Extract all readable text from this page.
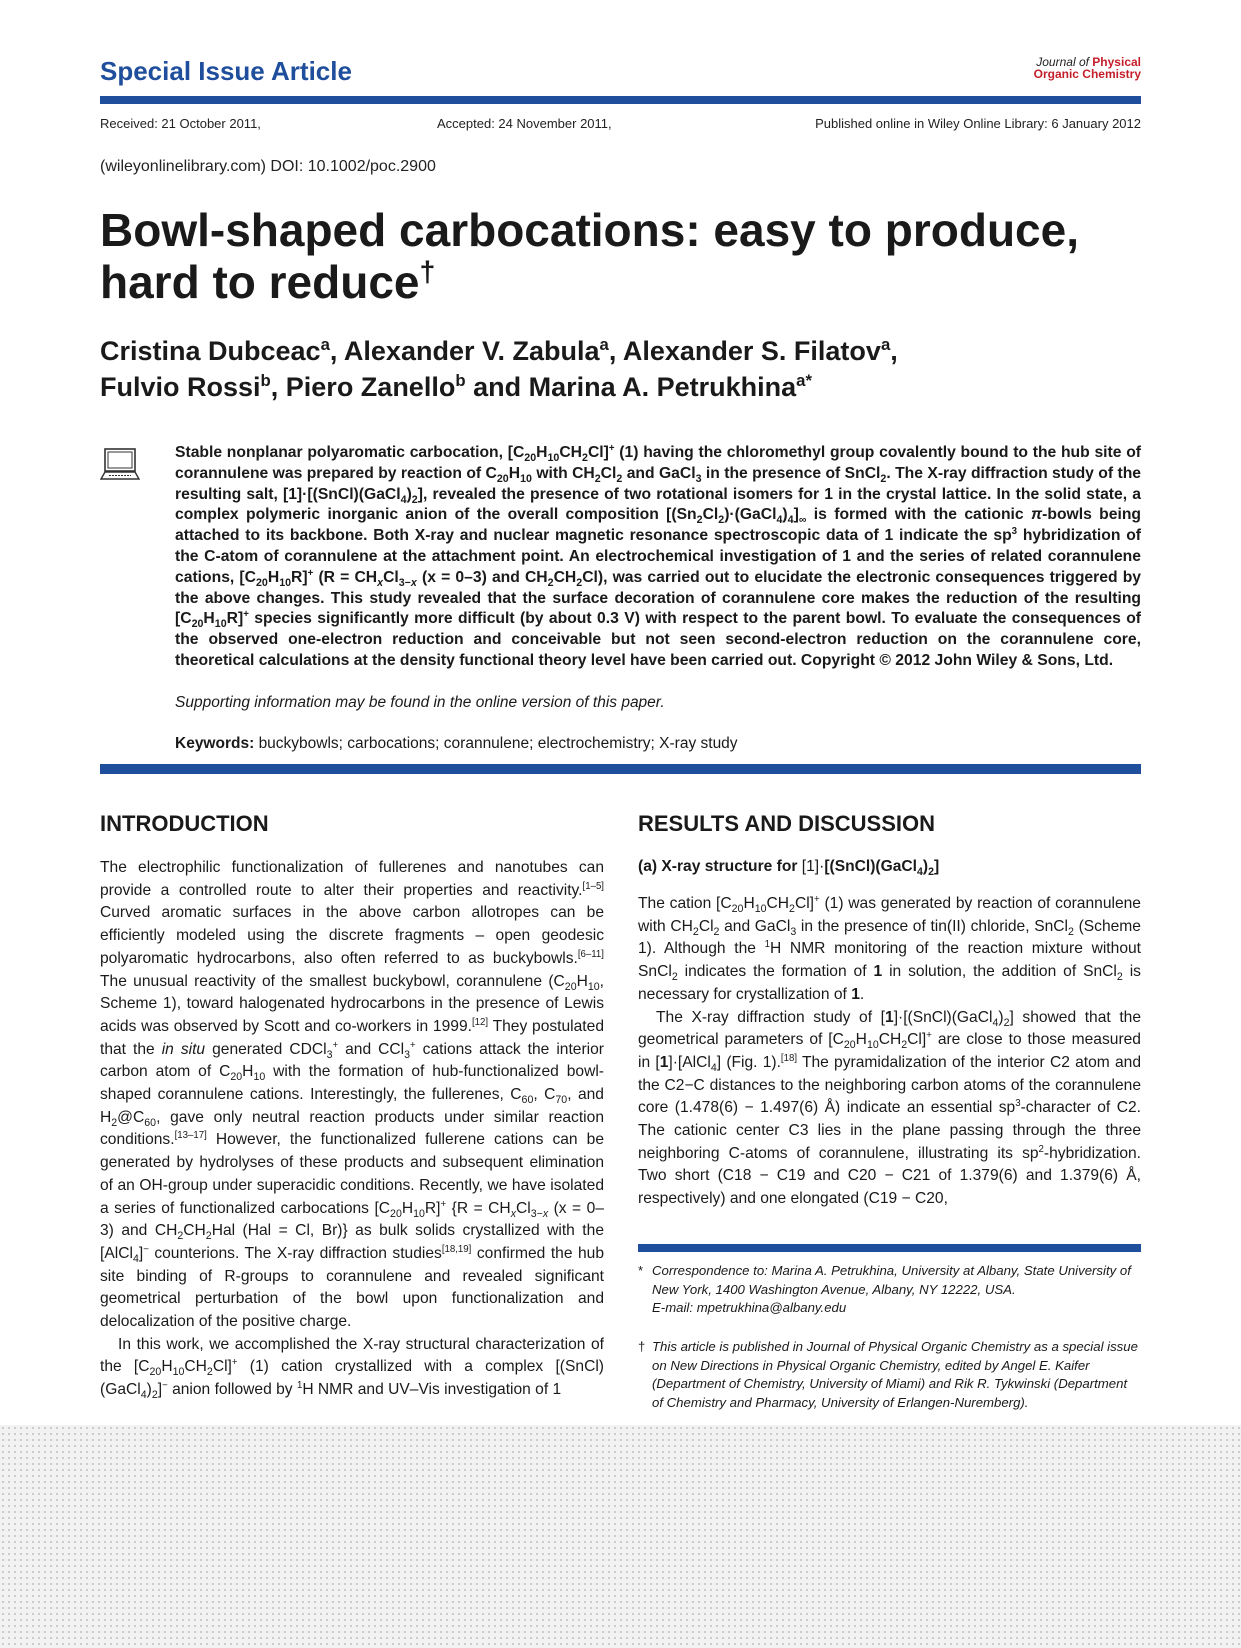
Special Issue Article	Journal of Physical
Organic Chemistry
Received: 21 October 2011,	Accepted: 24 November 2011,	Published online in Wiley Online Library: 6 January 2012
(wileyonlinelibrary.com) DOI: 10.1002/poc.2900
Bowl-shaped carbocations: easy to produce,
hard to reduce†
Cristina Dubceac$^a$, Alexander V. Zabula$^a$, Alexander S. Filatov$^a$,
Fulvio Rossi$^b$, Piero Zanello$^b$ and Marina A. Petrukhina$^{a*}$
Stable nonplanar polyaromatic carbocation, $[C_{20}H_{10}CH_2Cl]^+$ (1) having the chloromethyl group covalently bound to the hub site of corannulene was prepared by reaction of $C_{20}H_{10}$ with $CH_2Cl_2$ and GaCl$_3$ in the presence of SnCl$_2$. The X-ray diffraction study of the resulting salt, $[1]\cdot[(SnCl)(GaCl_4)_2]$, revealed the presence of two rotational isomers for 1 in the crystal lattice. In the solid state, a complex polymeric inorganic anion of the overall composition $[(Sn_2Cl_2)\cdot(GaCl_4)_4]_\infty$ is formed with the cationic π-bowls being attached to its backbone. Both X-ray and nuclear magnetic resonance spectroscopic data of 1 indicate the $sp^3$ hybridization of the C-atom of corannulene at the attachment point. An electrochemical investigation of 1 and the series of related corannulene cations, $[C_{20}H_{10}R]^+$ ($R = CH_xCl_{3-x}$ (x = 0–3) and $CH_2CH_2Cl$), was carried out to elucidate the electronic consequences triggered by the above changes. This study revealed that the surface decoration of corannulene core makes the reduction of the resulting $[C_{20}H_{10}R]^+$ species significantly more difficult (by about 0.3 V) with respect to the parent bowl. To evaluate the consequences of the observed one-electron reduction and conceivable but not seen second-electron reduction on the corannulene core, theoretical calculations at the density functional theory level have been carried out. Copyright © 2012 John Wiley & Sons, Ltd.
Supporting information may be found in the online version of this paper.
Keywords: buckybowls; carbocations; corannulene; electrochemistry; X-ray study
INTRODUCTION
The electrophilic functionalization of fullerenes and nanotubes can provide a controlled route to alter their properties and reactivity.[1–5] Curved aromatic surfaces in the above carbon allotropes can be efficiently modeled using the discrete fragments – open geodesic polyaromatic hydrocarbons, also often referred to as buckybowls.[6–11] The unusual reactivity of the smallest buckybowl, corannulene ($C_{20}H_{10}$, Scheme 1), toward halogenated hydrocarbons in the presence of Lewis acids was observed by Scott and co-workers in 1999.[12] They postulated that the in situ generated CDCl$_3$+ and CCl$_3$+ cations attack the interior carbon atom of $C_{20}H_{10}$ with the formation of hub-functionalized bowl-shaped corannulene cations. Interestingly, the fullerenes, $C_{60}$, $C_{70}$, and $H_2@C_{60}$, gave only neutral reaction products under similar reaction conditions.[13–17] However, the functionalized fullerene cations can be generated by hydrolyses of these products and subsequent elimination of an OH-group under superacidic conditions. Recently, we have isolated a series of functionalized carbocations $[C_{20}H_{10}R]^+$ {$R = CH_xCl_{3-x}$ (x = 0–3) and $CH_2CH_2Hal$ (Hal = Cl, Br)} as bulk solids crystallized with the [AlCl$_4$]− counterions. The X-ray diffraction studies[18,19] confirmed the hub site binding of R-groups to corannulene and revealed significant geometrical perturbation of the bowl upon functionalization and delocalization of the positive charge.
In this work, we accomplished the X-ray structural characterization of the $[C_{20}H_{10}CH_2Cl]^+$ (1) cation crystallized with a complex $[(SnCl)(GaCl_4)_2]^-$ anion followed by $^1$H NMR and UV–Vis investigation of 1
RESULTS AND DISCUSSION
(a) X-ray structure for $[1]\cdot[(SnCl)(GaCl_4)_2]$
The cation $[C_{20}H_{10}CH_2Cl]^+$ (1) was generated by reaction of corannulene with $CH_2Cl_2$ and GaCl$_3$ in the presence of tin(II) chloride, SnCl$_2$ (Scheme 1). Although the $^1$H NMR monitoring of the reaction mixture without SnCl$_2$ indicates the formation of 1 in solution, the addition of SnCl$_2$ is necessary for crystallization of 1.
The X-ray diffraction study of $[1]\cdot[(SnCl)(GaCl_4)_2]$ showed that the geometrical parameters of $[C_{20}H_{10}CH_2Cl]^+$ are close to those measured in [1]·[AlCl$_4$] (Fig. 1).[18] The pyramidalization of the interior C2 atom and the C2−C distances to the neighboring carbon atoms of the corannulene core (1.478(6) − 1.497(6) Å) indicate an essential $sp^3$-character of C2. The cationic center C3 lies in the plane passing through the three neighboring C-atoms of corannulene, illustrating its $sp^2$-hybridization. Two short (C18 − C19 and C20 − C21 of 1.379(6) and 1.379(6) Å, respectively) and one elongated (C19 − C20,
* Correspondence to: Marina A. Petrukhina, University at Albany, State University of New York, 1400 Washington Avenue, Albany, NY 12222, USA.
E-mail: mpetrukhina@albany.edu
† This article is published in Journal of Physical Organic Chemistry as a special issue on New Directions in Physical Organic Chemistry, edited by Angel E. Kaifer (Department of Chemistry, University of Miami) and Rik R. Tykwinski (Department of Chemistry and Pharmacy, University of Erlangen-Nuremberg).
